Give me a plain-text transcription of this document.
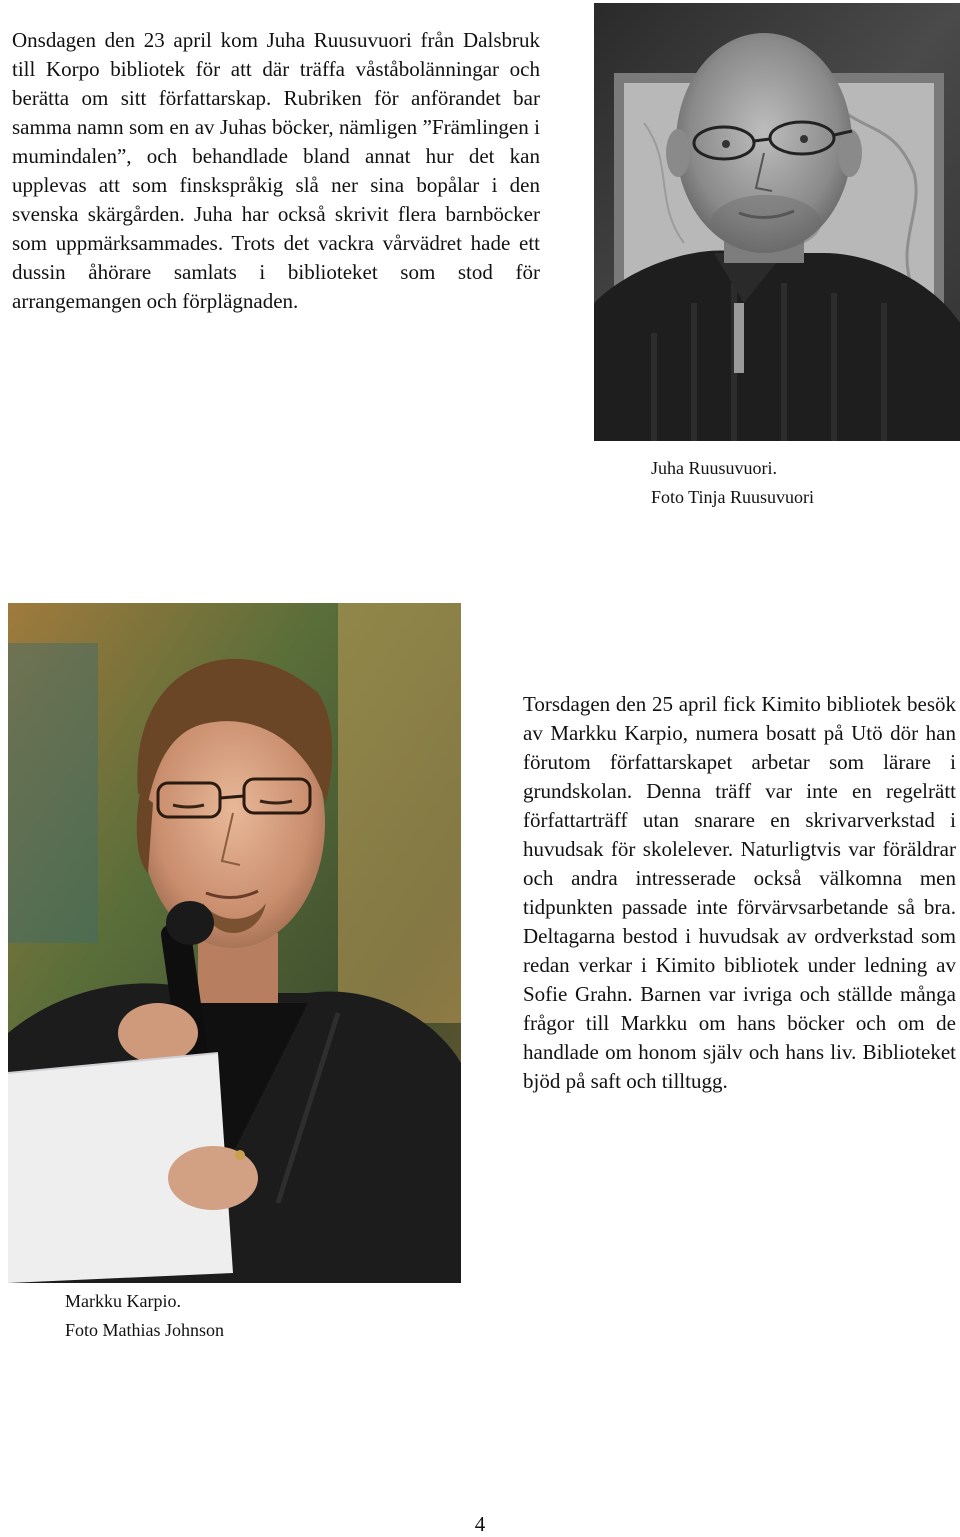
Onsdagen den 23 april kom Juha Ruusuvuori från Dalsbruk till Korpo bibliotek för att där träffa våståbolänningar och berätta om sitt författarskap. Rubriken för anförandet bar samma namn som en av Juhas böcker, nämligen ”Främlingen i mumindalen”, och behandlade bland annat hur det kan upplevas att som finskspråkig slå ner sina bopålar i den svenska skärgården. Juha har också skrivit flera barnböcker som uppmärksammades. Trots det vackra vårvädret hade ett dussin åhörare samlats i biblioteket som stod för arrangemangen och förplägnaden.

Juha Ruusuvuori.
Foto Tinja Ruusuvuori

Markku Karpio.
Foto Mathias Johnson

Torsdagen den 25 april fick Kimito bibliotek besök av Markku Karpio, numera bosatt på Utö dör han förutom författarskapet arbetar som lärare i grundskolan. Denna träff var inte en regelrätt författarträff utan snarare en skrivarverkstad i huvudsak för skolelever. Naturligtvis var föräldrar och andra intresserade också välkomna men tidpunkten passade inte förvärvsarbetande så bra. Deltagarna bestod i huvudsak av ordverkstad som redan verkar i Kimito bibliotek under ledning av Sofie Grahn. Barnen var ivriga och ställde många frågor till Markku om hans böcker och om de handlade om honom själv och hans liv. Biblioteket bjöd på saft och tilltugg.

4
